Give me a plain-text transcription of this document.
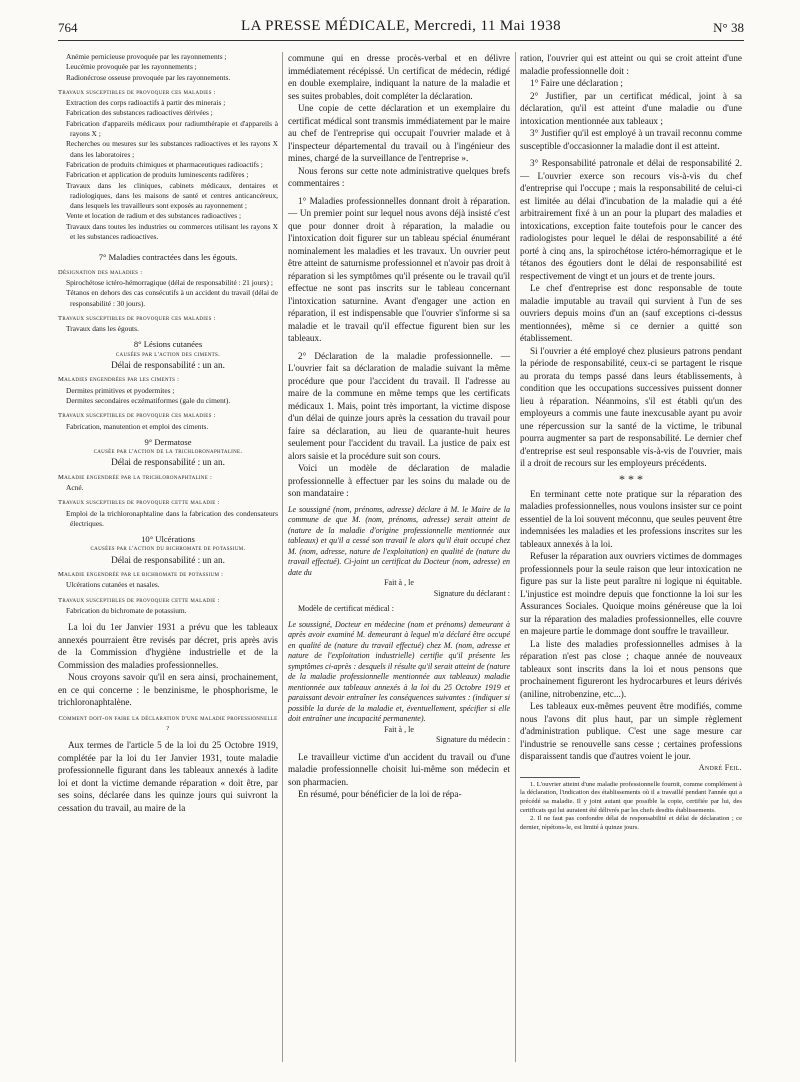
764	LA PRESSE MÉDICALE, Mercredi, 11 Mai 1938	N° 38

Anémie pernicieuse provoquée par les rayonnements ;

Leucémie provoquée par les rayonnements ;

Radionécrose osseuse provoquée par les rayonnements.

Travaux susceptibles de provoquer ces maladies :

Extraction des corps radioactifs à partir des minerais ;

Fabrication des substances radioactives dérivées ;

Fabrication d'appareils médicaux pour radiumthérapie et d'appareils à rayons X ;

Recherches ou mesures sur les substances radioactives et les rayons X dans les laboratoires ;

Fabrication de produits chimiques et pharmaceutiques radioactifs ;

Fabrication et application de produits luminescents radifères ;

Travaux dans les cliniques, cabinets médicaux, dentaires et radiologiques, dans les maisons de santé et centres anticancéreux, dans lesquels les travailleurs sont exposés au rayonnement ;

Vente et location de radium et des substances radioactives ;

Travaux dans toutes les industries ou commerces utilisant les rayons X et les substances radioactives.

7° Maladies contractées dans les égouts.

Désignation des maladies :

Spirochétose ictéro-hémorragique (délai de responsabilité : 21 jours) ;

Tétanos en dehors des cas consécutifs à un accident du travail (délai de responsabilité : 30 jours).

Travaux susceptibles de provoquer ces maladies :

Travaux dans les égouts.

8° Lésions cutanées

causées par l'action des ciments.

Délai de responsabilité : un an.

Maladies engendrées par les ciments :

Dermites primitives et pyodermites ;

Dermites secondaires eczématiformes (gale du ciment).

Travaux susceptibles de provoquer ces maladies :

Fabrication, manutention et emploi des ciments.

9° Dermatose

causée par l'action de la trichloronaphtaline.

Délai de responsabilité : un an.

Maladie engendrée par la trichloronaphtaline :

Acné.

Travaux susceptibles de provoquer cette maladie :

Emploi de la trichloronaphtaline dans la fabrication des condensateurs électriques.

10° Ulcérations

causées par l'action du bichromate de potassium.

Délai de responsabilité : un an.

Maladie engendrée par le bichromate de potassium :

Ulcérations cutanées et nasales.

Travaux susceptibles de provoquer cette maladie :

Fabrication du bichromate de potassium.

La loi du 1er Janvier 1931 a prévu que les tableaux annexés pourraient être revisés par décret, pris après avis de la Commission d'hygiène industrielle et de la Commission des maladies professionnelles.

Nous croyons savoir qu'il en sera ainsi, prochainement, en ce qui concerne : le benzinisme, le phosphorisme, le trichloronaphtalène.

Comment doit-on faire la déclaration d'une maladie professionnelle ?

Aux termes de l'article 5 de la loi du 25 Octobre 1919, complétée par la loi du 1er Janvier 1931, toute maladie professionnelle figurant dans les tableaux annexés à ladite loi et dont la victime demande réparation « doit être, par ses soins, déclarée dans les quinze jours qui suivront la cessation du travail, au maire de la

commune qui en dresse procès-verbal et en délivre immédiatement récépissé. Un certificat de médecin, rédigé en double exemplaire, indiquant la nature de la maladie et ses suites probables, doit compléter la déclaration.

Une copie de cette déclaration et un exemplaire du certificat médical sont transmis immédiatement par le maire au chef de l'entreprise qui occupait l'ouvrier malade et à l'inspecteur départemental du travail ou à l'ingénieur des mines, chargé de la surveillance de l'entreprise ».

Nous ferons sur cette note administrative quelques brefs commentaires :

1° Maladies professionnelles donnant droit à réparation. — Un premier point sur lequel nous avons déjà insisté c'est que pour donner droit à réparation, la maladie ou l'intoxication doit figurer sur un tableau spécial énumérant nominalement les maladies et les travaux. Un ouvrier peut être atteint de saturnisme professionnel et n'avoir pas droit à réparation si les symptômes qu'il présente ou le travail qu'il effectue ne sont pas inscrits sur le tableau concernant l'intoxication saturnine. Avant d'engager une action en réparation, il est indispensable que l'ouvrier s'informe si sa maladie et le travail qu'il effectue figurent bien sur les tableaux.

2° Déclaration de la maladie professionnelle. — L'ouvrier fait sa déclaration de maladie suivant la même procédure que pour l'accident du travail. Il l'adresse au maire de la commune en même temps que les certificats médicaux 1. Mais, point très important, la victime dispose d'un délai de quinze jours après la cessation du travail pour faire sa déclaration, au lieu de quarante-huit heures seulement pour l'accident du travail. La justice de paix est alors saisie et la procédure suit son cours.

Voici un modèle de déclaration de maladie professionnelle à effectuer par les soins du malade ou de son mandataire :

Le soussigné (nom, prénoms, adresse) déclare à M. le Maire de la commune de que M. (nom, prénoms, adresse) serait atteint de (nature de la maladie d'origine professionnelle mentionnée aux tableaux) et qu'il a cessé son travail le alors qu'il était occupé chez M. (nom, adresse, nature de l'exploitation) en qualité de (nature du travail effectué). Ci-joint un certificat du Docteur (nom, adresse) en date du

Fait à , le

Signature du déclarant :

Modèle de certificat médical :

Le soussigné, Docteur en médecine (nom et prénoms) demeurant à après avoir examiné M. demeurant à lequel m'a déclaré être occupé en qualité de (nature du travail effectué) chez M. (nom, adresse et nature de l'exploitation industrielle) certifie qu'il présente les symptômes ci-après : desquels il résulte qu'il serait atteint de (nature de la maladie professionnelle mentionnée aux tableaux) maladie mentionnée aux tableaux annexés à la loi du 25 Octobre 1919 et paraissant devoir entraîner les conséquences suivantes : (indiquer si possible la durée de la maladie et, éventuellement, spécifier si elle doit entraîner une incapacité permanente).

Fait à , le

Signature du médecin :

Le travailleur victime d'un accident du travail ou d'une maladie professionnelle choisit lui-même son médecin et son pharmacien.

En résumé, pour bénéficier de la loi de répa-

ration, l'ouvrier qui est atteint ou qui se croit atteint d'une maladie professionnelle doit :

1° Faire une déclaration ;

2° Justifier, par un certificat médical, joint à sa déclaration, qu'il est atteint d'une maladie ou d'une intoxication mentionnée aux tableaux ;

3° Justifier qu'il est employé à un travail reconnu comme susceptible d'occasionner la maladie dont il est atteint.

3° Responsabilité patronale et délai de responsabilité 2. — L'ouvrier exerce son recours vis-à-vis du chef d'entreprise qui l'occupe ; mais la responsabilité de celui-ci est limitée au délai d'incubation de la maladie qui a été arbitrairement fixé à un an pour la plupart des maladies et intoxications, exception faite toutefois pour le cancer des radiologistes pour lequel le délai de responsabilité a été porté à cinq ans, la spirochétose ictéro-hémorragique et le tétanos des égoutiers dont le délai de responsabilité est respectivement de vingt et un jours et de trente jours.

Le chef d'entreprise est donc responsable de toute maladie imputable au travail qui survient à l'un de ses ouvriers depuis moins d'un an (sauf exceptions ci-dessus mentionnées), même si ce dernier a quitté son établissement.

Si l'ouvrier a été employé chez plusieurs patrons pendant la période de responsabilité, ceux-ci se partagent le risque au prorata du temps passé dans leurs établissements, à condition que les occupations successives puissent donner lieu à réparation. Néanmoins, s'il est établi qu'un des employeurs a commis une faute inexcusable ayant pu avoir une répercussion sur la santé de la victime, le tribunal pourra augmenter sa part de responsabilité. Le dernier chef d'entreprise est seul responsable vis-à-vis de l'ouvrier, mais il a droit de recours sur les employeurs précédents.

* * *

En terminant cette note pratique sur la réparation des maladies professionnelles, nous voulons insister sur ce point essentiel de la loi souvent méconnu, que seules peuvent être indemnisées les maladies et les professions inscrites sur les tableaux annexés à la loi.

Refuser la réparation aux ouvriers victimes de dommages professionnels pour la seule raison que leur intoxication ne figure pas sur la liste peut paraître ni logique ni équitable. L'injustice est moindre depuis que fonctionne la loi sur les Assurances Sociales. Quoique moins généreuse que la loi sur la réparation des maladies professionnelles, elle couvre en majeure partie le dommage dont souffre le travailleur.

La liste des maladies professionnelles admises à la réparation n'est pas close ; chaque année de nouveaux tableaux sont inscrits dans la loi et nous pensons que prochainement figureront les hydrocarbures et leurs dérivés (aniline, nitrobenzine, etc...).

Les tableaux eux-mêmes peuvent être modifiés, comme nous l'avons dit plus haut, par un simple règlement d'administration publique. C'est une sage mesure car l'industrie se renouvelle sans cesse ; certaines professions disparaissent tandis que d'autres voient le jour.

André Feil.

1. L'ouvrier atteint d'une maladie professionnelle fournit, comme complément à la déclaration, l'indication des établissements où il a travaillé pendant l'année qui a précédé sa maladie. Il y joint autant que possible la copie, certifiée par lui, des certificats qui lui auraient été délivrés par les chefs desdits établissements.

2. Il ne faut pas confondre délai de responsabilité et délai de déclaration ; ce dernier, répétons-le, est limité à quinze jours.
